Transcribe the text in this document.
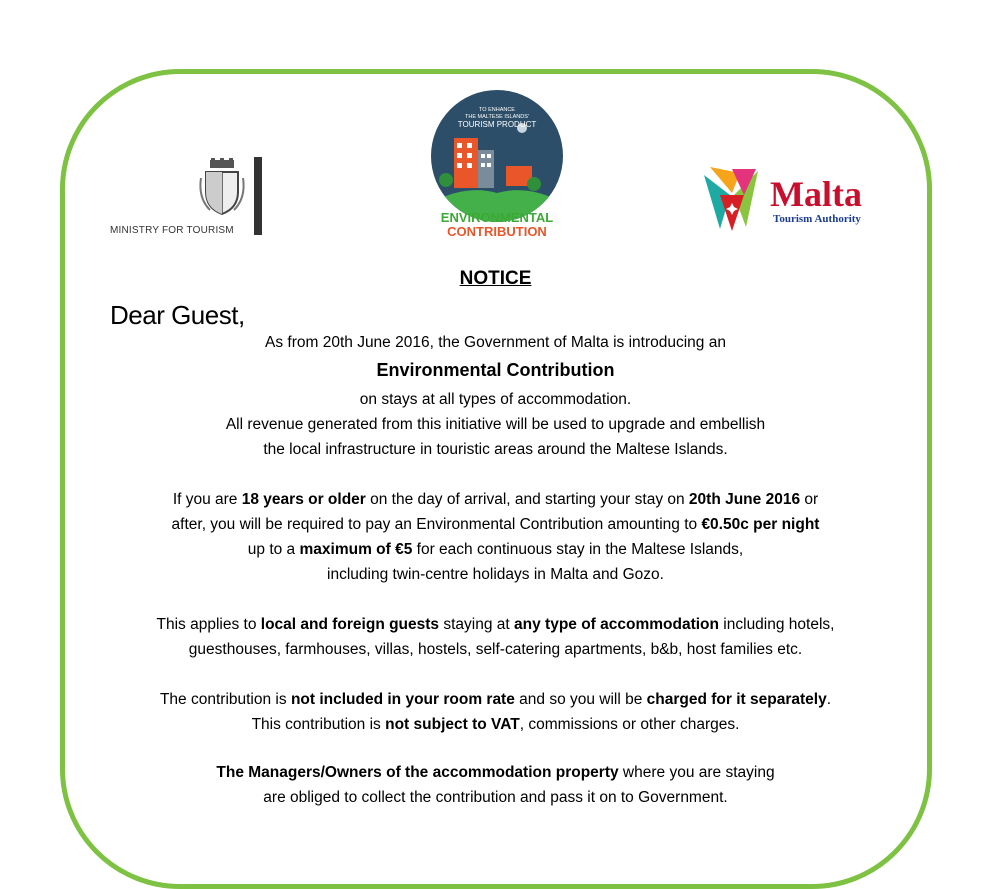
MINISTRY FOR TOURISM
TO ENHANCE
THE MALTESE ISLANDS'
TOURISM PRODUCT
ENVIRONMENTAL
CONTRIBUTION
Malta
Tourism Authority
NOTICE
Dear Guest,
As from 20th June 2016, the Government of Malta is introducing an
Environmental Contribution
on stays at all types of accommodation.
All revenue generated from this initiative will be used to upgrade and embellish
the local infrastructure in touristic areas around the Maltese Islands.
If you are 18 years or older on the day of arrival, and starting your stay on 20th June 2016 or
after, you will be required to pay an Environmental Contribution amounting to €0.50c per night
up to a maximum of €5 for each continuous stay in the Maltese Islands,
including twin-centre holidays in Malta and Gozo.
This applies to local and foreign guests staying at any type of accommodation including hotels,
guesthouses, farmhouses, villas, hostels, self-catering apartments, b&b, host families etc.
The contribution is not included in your room rate and so you will be charged for it separately.
This contribution is not subject to VAT, commissions or other charges.
The Managers/Owners of the accommodation property where you are staying
are obliged to collect the contribution and pass it on to Government.
